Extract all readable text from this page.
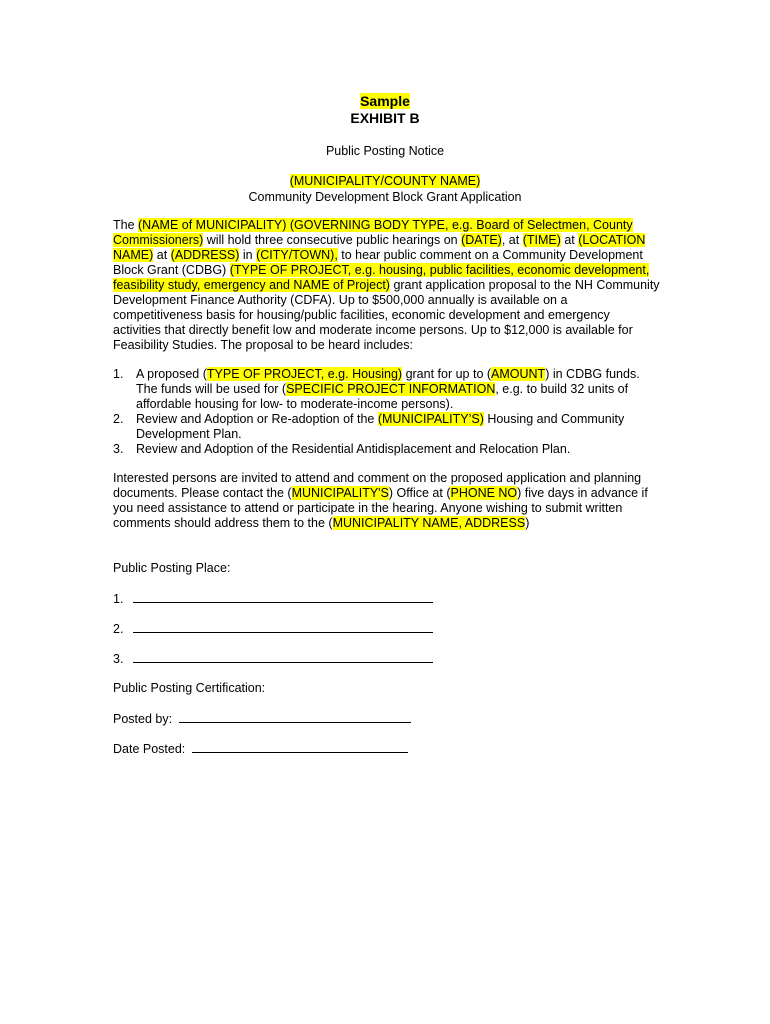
Sample
EXHIBIT B
Public Posting Notice
(MUNICIPALITY/COUNTY NAME)
Community Development Block Grant Application
The (NAME of MUNICIPALITY) (GOVERNING BODY TYPE, e.g. Board of Selectmen, County Commissioners) will hold three consecutive public hearings on (DATE), at (TIME) at (LOCATION NAME) at (ADDRESS) in (CITY/TOWN), to hear public comment on a Community Development Block Grant (CDBG) (TYPE OF PROJECT, e.g. housing, public facilities, economic development, feasibility study, emergency and NAME of Project) grant application proposal to the NH Community Development Finance Authority (CDFA). Up to $500,000 annually is available on a competitiveness basis for housing/public facilities, economic development and emergency activities that directly benefit low and moderate income persons. Up to $12,000 is available for Feasibility Studies. The proposal to be heard includes:
1. A proposed (TYPE OF PROJECT, e.g. Housing) grant for up to (AMOUNT) in CDBG funds. The funds will be used for (SPECIFIC PROJECT INFORMATION, e.g. to build 32 units of affordable housing for low- to moderate-income persons).
2. Review and Adoption or Re-adoption of the (MUNICIPALITY’S) Housing and Community Development Plan.
3. Review and Adoption of the Residential Antidisplacement and Relocation Plan.
Interested persons are invited to attend and comment on the proposed application and planning documents. Please contact the (MUNICIPALITY'S) Office at (PHONE NO) five days in advance if you need assistance to attend or participate in the hearing. Anyone wishing to submit written comments should address them to the (MUNICIPALITY NAME, ADDRESS)
Public Posting Place:
1.
2.
3.
Public Posting Certification:
Posted by:
Date Posted:
